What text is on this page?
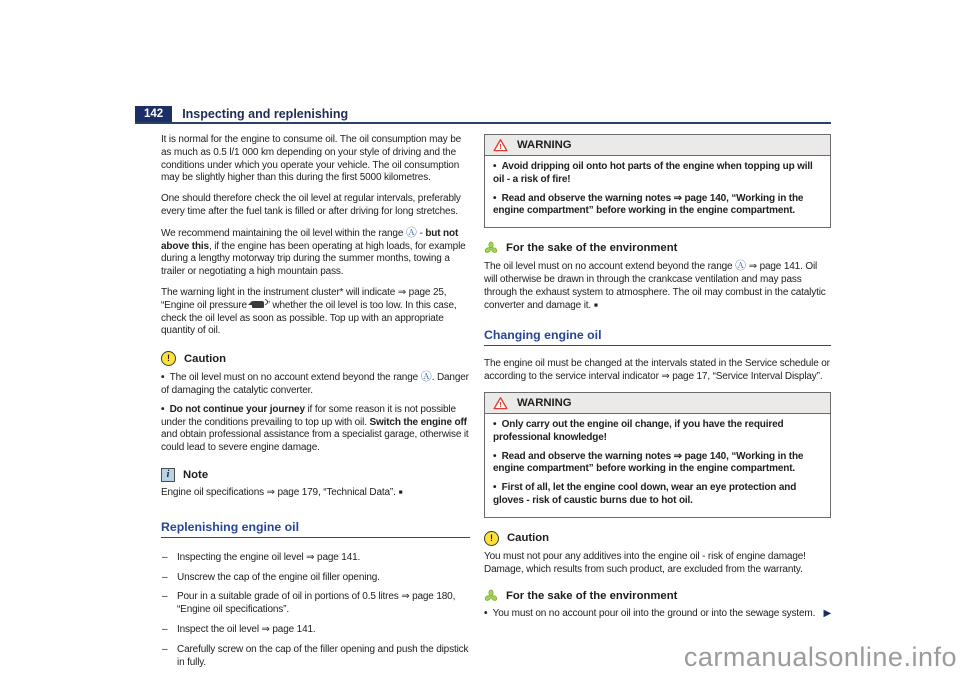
142	Inspecting and replenishing

It is normal for the engine to consume oil. The oil consumption may be as much as 0.5 l/1 000 km depending on your style of driving and the conditions under which you operate your vehicle. The oil consumption may be slightly higher than this during the first 5000 kilometres.

One should therefore check the oil level at regular intervals, preferably every time after the fuel tank is filled or after driving for long stretches.

We recommend maintaining the oil level within the range Ⓐ - but not above this, if the engine has been operating at high loads, for example during a lengthy motorway trip during the summer months, towing a trailer or negotiating a high mountain pass.

The warning light in the instrument cluster* will indicate ⇒ page 25, “Engine oil pressure ” whether the oil level is too low. In this case, check the oil level as soon as possible. Top up with an appropriate quantity of oil.

!
Caution
•  The oil level must on no account extend beyond the range Ⓐ. Danger of damaging the catalytic converter.
•  Do not continue your journey if for some reason it is not possible under the conditions prevailing to top up with oil. Switch the engine off and obtain professional assistance from a specialist garage, otherwise it could lead to severe engine damage.
i
Note

Engine oil specifications ⇒ page 179, “Technical Data”. ■

Replenishing engine oil
– Inspecting the engine oil level ⇒ page 141.
– Unscrew the cap of the engine oil filler opening.
– Pour in a suitable grade of oil in portions of 0.5 litres ⇒ page 180, “Engine oil specifications”.
– Inspect the oil level ⇒ page 141.
– Carefully screw on the cap of the filler opening and push the dipstick in fully.
! WARNING
•  Avoid dripping oil onto hot parts of the engine when topping up will oil - a risk of fire!
•  Read and observe the warning notes ⇒ page 140, “Working in the engine compartment” before working in the engine compartment.
For the sake of the environment

The oil level must on no account extend beyond the range Ⓐ ⇒ page 141. Oil will otherwise be drawn in through the crankcase ventilation and may pass through the exhaust system to atmosphere. The oil may combust in the catalytic converter and damage it. ■

Changing engine oil

The engine oil must be changed at the intervals stated in the Service schedule or according to the service interval indicator ⇒ page 17, “Service Interval Display”.

! WARNING
•  Only carry out the engine oil change, if you have the required professional knowledge!
•  Read and observe the warning notes ⇒ page 140, “Working in the engine compartment” before working in the engine compartment.
•  First of all, let the engine cool down, wear an eye protection and gloves - risk of caustic burns due to hot oil.
!
Caution

You must not pour any additives into the engine oil - risk of engine damage! Damage, which results from such product, are excluded from the warranty.

For the sake of the environment
•  You must on no account pour oil into the ground or into the sewage system. ▶
carmanualsonline.info
